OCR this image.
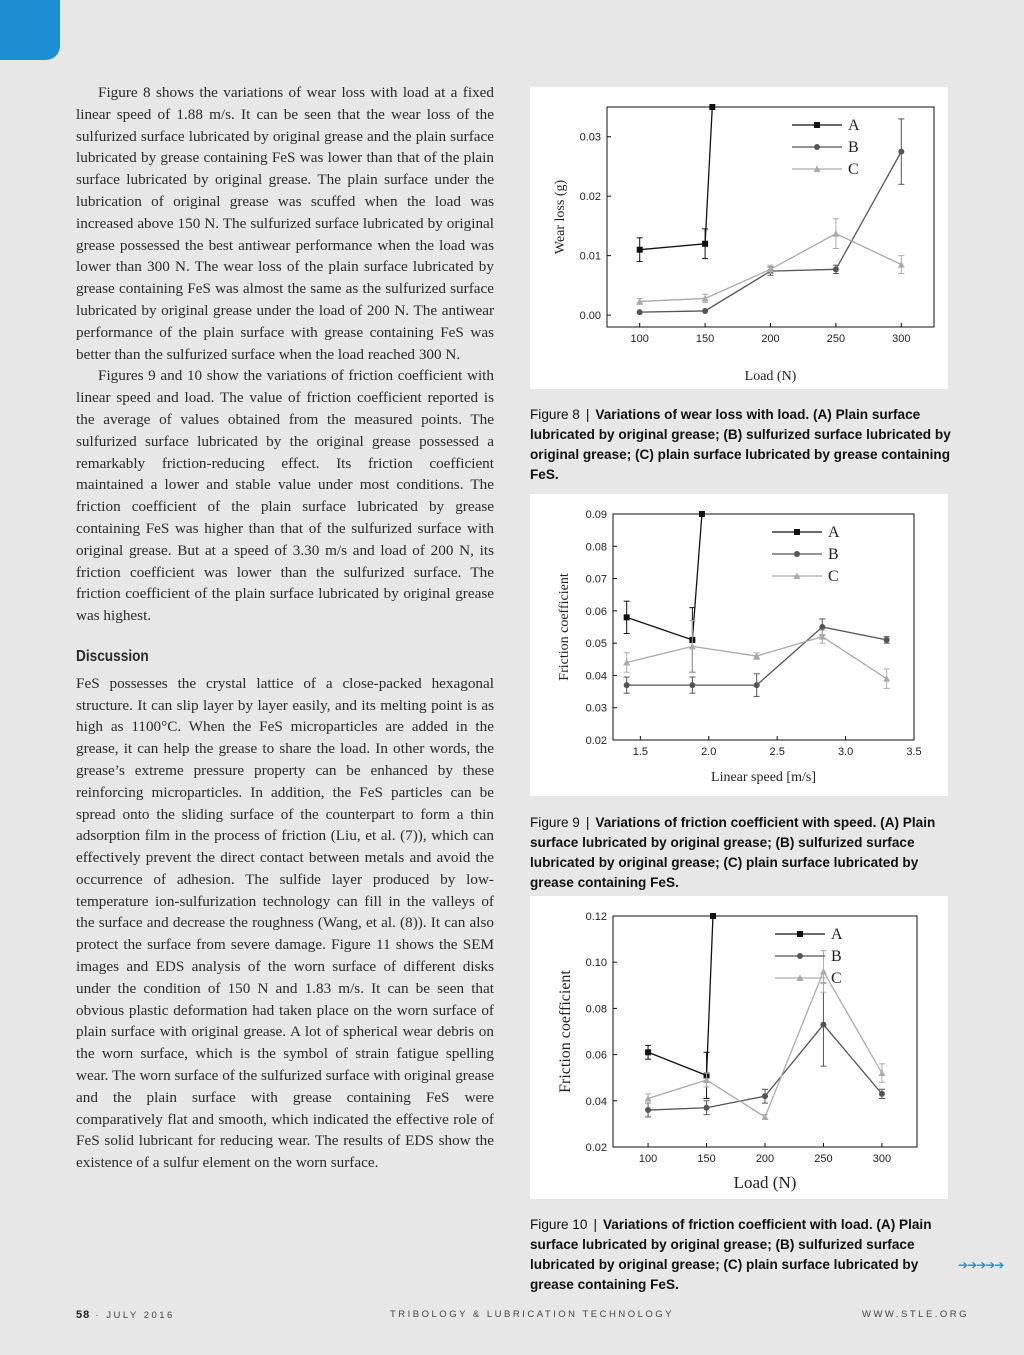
Figure 8 shows the variations of wear loss with load at a fixed linear speed of 1.88 m/s. It can be seen that the wear loss of the sulfurized surface lubricated by original grease and the plain surface lubricated by grease containing FeS was lower than that of the plain surface lubricated by original grease. The plain surface under the lubrication of original grease was scuffed when the load was increased above 150 N. The sulfurized surface lubricated by original grease possessed the best antiwear performance when the load was lower than 300 N. The wear loss of the plain surface lubricated by grease containing FeS was almost the same as the sulfurized surface lubricated by original grease under the load of 200 N. The antiwear performance of the plain surface with grease containing FeS was better than the sulfurized surface when the load reached 300 N.

Figures 9 and 10 show the variations of friction coefficient with linear speed and load. The value of friction coefficient reported is the average of values obtained from the measured points. The sulfurized surface lubricated by the original grease possessed a remarkably friction-reducing effect. Its friction coefficient maintained a lower and stable value under most conditions. The friction coefficient of the plain surface lubricated by grease containing FeS was higher than that of the sulfurized surface with original grease. But at a speed of 3.30 m/s and load of 200 N, its friction coefficient was lower than the sulfurized surface. The friction coefficient of the plain surface lubricated by original grease was highest.

Discussion

FeS possesses the crystal lattice of a close-packed hexagonal structure. It can slip layer by layer easily, and its melting point is as high as 1100°C. When the FeS microparticles are added in the grease, it can help the grease to share the load. In other words, the grease’s extreme pressure property can be enhanced by these reinforcing microparticles. In addition, the FeS particles can be spread onto the sliding surface of the counterpart to form a thin adsorption film in the process of friction (Liu, et al. (7)), which can effectively prevent the direct contact between metals and avoid the occurrence of adhesion. The sulfide layer produced by low-temperature ion-sulfurization technology can fill in the valleys of the surface and decrease the roughness (Wang, et al. (8)). It can also protect the surface from severe damage. Figure 11 shows the SEM images and EDS analysis of the worn surface of different disks under the condition of 150 N and 1.83 m/s. It can be seen that obvious plastic deformation had taken place on the worn surface of plain surface with original grease. A lot of spherical wear debris on the worn surface, which is the symbol of strain fatigue spelling wear. The worn surface of the sulfurized surface with original grease and the plain surface with grease containing FeS were comparatively flat and smooth, which indicated the effective role of FeS solid lubricant for reducing wear. The results of EDS show the existence of a sulfur element on the worn surface.

0.00
0.01
0.02
0.03
100	150	200	250	300
Load (N)
Wear loss (g)
A
B
C
Figure 8 | Variations of wear loss with load. (A) Plain surface lubricated by original grease; (B) sulfurized surface lubricated by original grease; (C) plain surface lubricated by grease containing FeS.
0.02
0.03
0.04
0.05
0.06
0.07
0.08
0.09
1.5	2.0	2.5	3.0	3.5
Linear speed [m/s]
Friction coefficient
A
B
C
Figure 9 | Variations of friction coefficient with speed. (A) Plain surface lubricated by original grease; (B) sulfurized surface lubricated by original grease; (C) plain surface lubricated by grease containing FeS.
0.02
0.04
0.06
0.08
0.10
0.12
100	150	200	250	300
Load (N)
Friction coefficient
A
B
C
Figure 10 | Variations of friction coefficient with load. (A) Plain surface lubricated by original grease; (B) sulfurized surface lubricated by original grease; (C) plain surface lubricated by grease containing FeS.
➔➔➔➔➔
58 · JULY 2016	TRIBOLOGY & LUBRICATION TECHNOLOGY	WWW.STLE.ORG
